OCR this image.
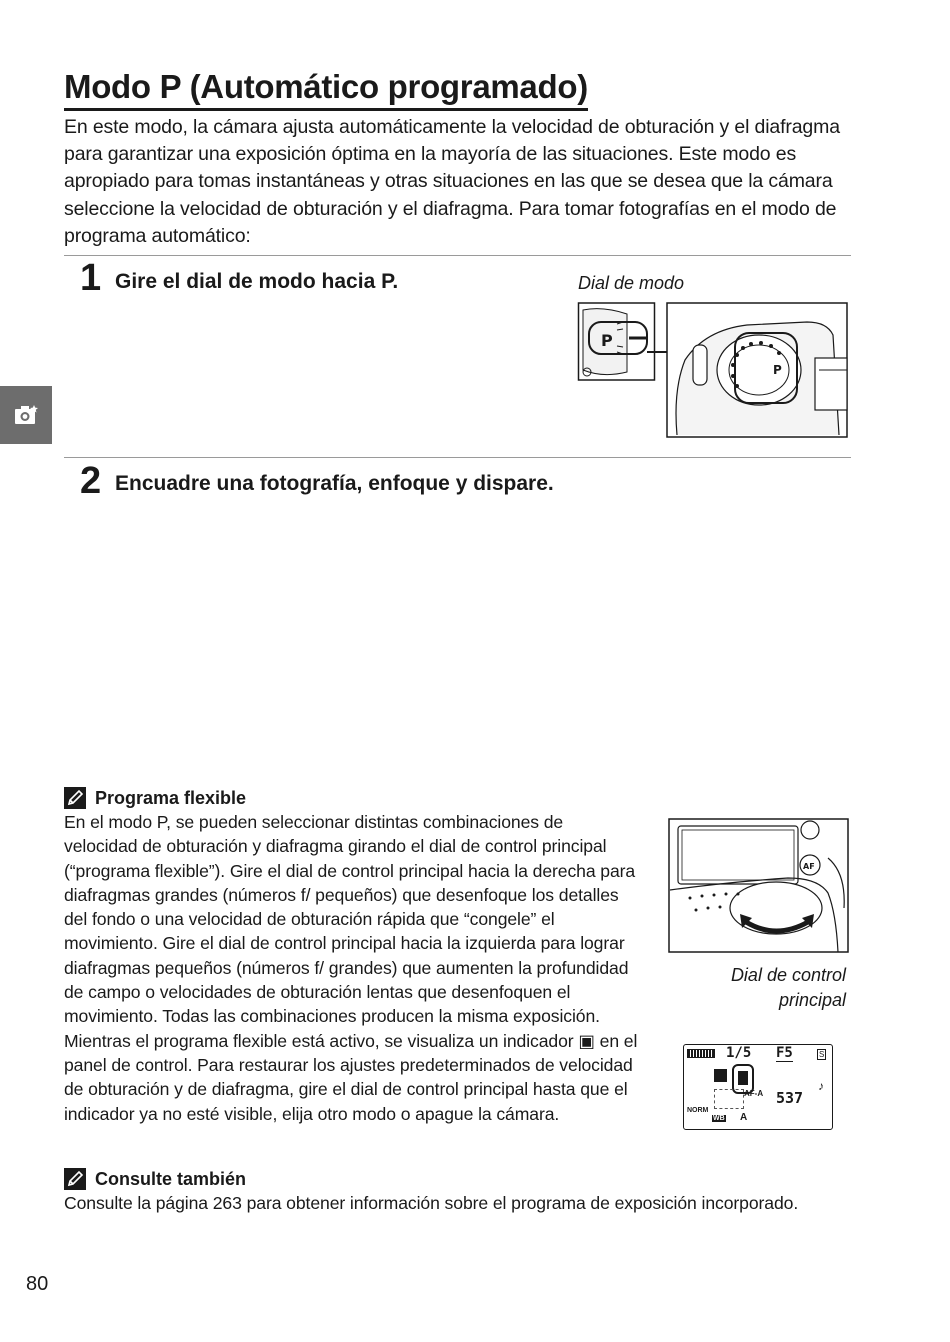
Modo P (Automático programado)

En este modo, la cámara ajusta automáticamente la velocidad de obturación y el diafragma para garantizar una exposición óptima en la mayoría de las situaciones. Este modo es apropiado para tomas instantáneas y otras situaciones en las que se desea que la cámara seleccione la velocidad de obturación y el diafragma. Para tomar fotografías en el modo de programa automático:

1 Gire el dial de modo hacia P.	Dial de modo
P
P
2 Encuadre una fotografía, enfoque y dispare.
Programa flexible

En el modo P, se pueden seleccionar distintas combinaciones de velocidad de obturación y diafragma girando el dial de control principal (“programa flexible”). Gire el dial de control principal hacia la derecha para diafragmas grandes (números f/ pequeños) que desenfoque los detalles del fondo o una velocidad de obturación rápida que “congele” el movimiento. Gire el dial de control principal hacia la izquierda para lograr diafragmas pequeños (números f/ grandes) que aumenten la profundidad de campo o velocidades de obturación lentas que desenfoquen el movimiento. Todas las combinaciones producen la misma exposición. Mientras el programa flexible está activo, se visualiza un indicador ▣ en el panel de control. Para restaurar los ajustes predeterminados de velocidad de obturación y de diafragma, gire el dial de control principal hasta que el indicador ya no esté visible, elija otro modo o apague la cámara.

AF
Dial de control
principal
1/5 F5	S
AF-A 537
♪
NORM
WB A
Consulte también

Consulte la página 263 para obtener información sobre el programa de exposición incorporado.

80
